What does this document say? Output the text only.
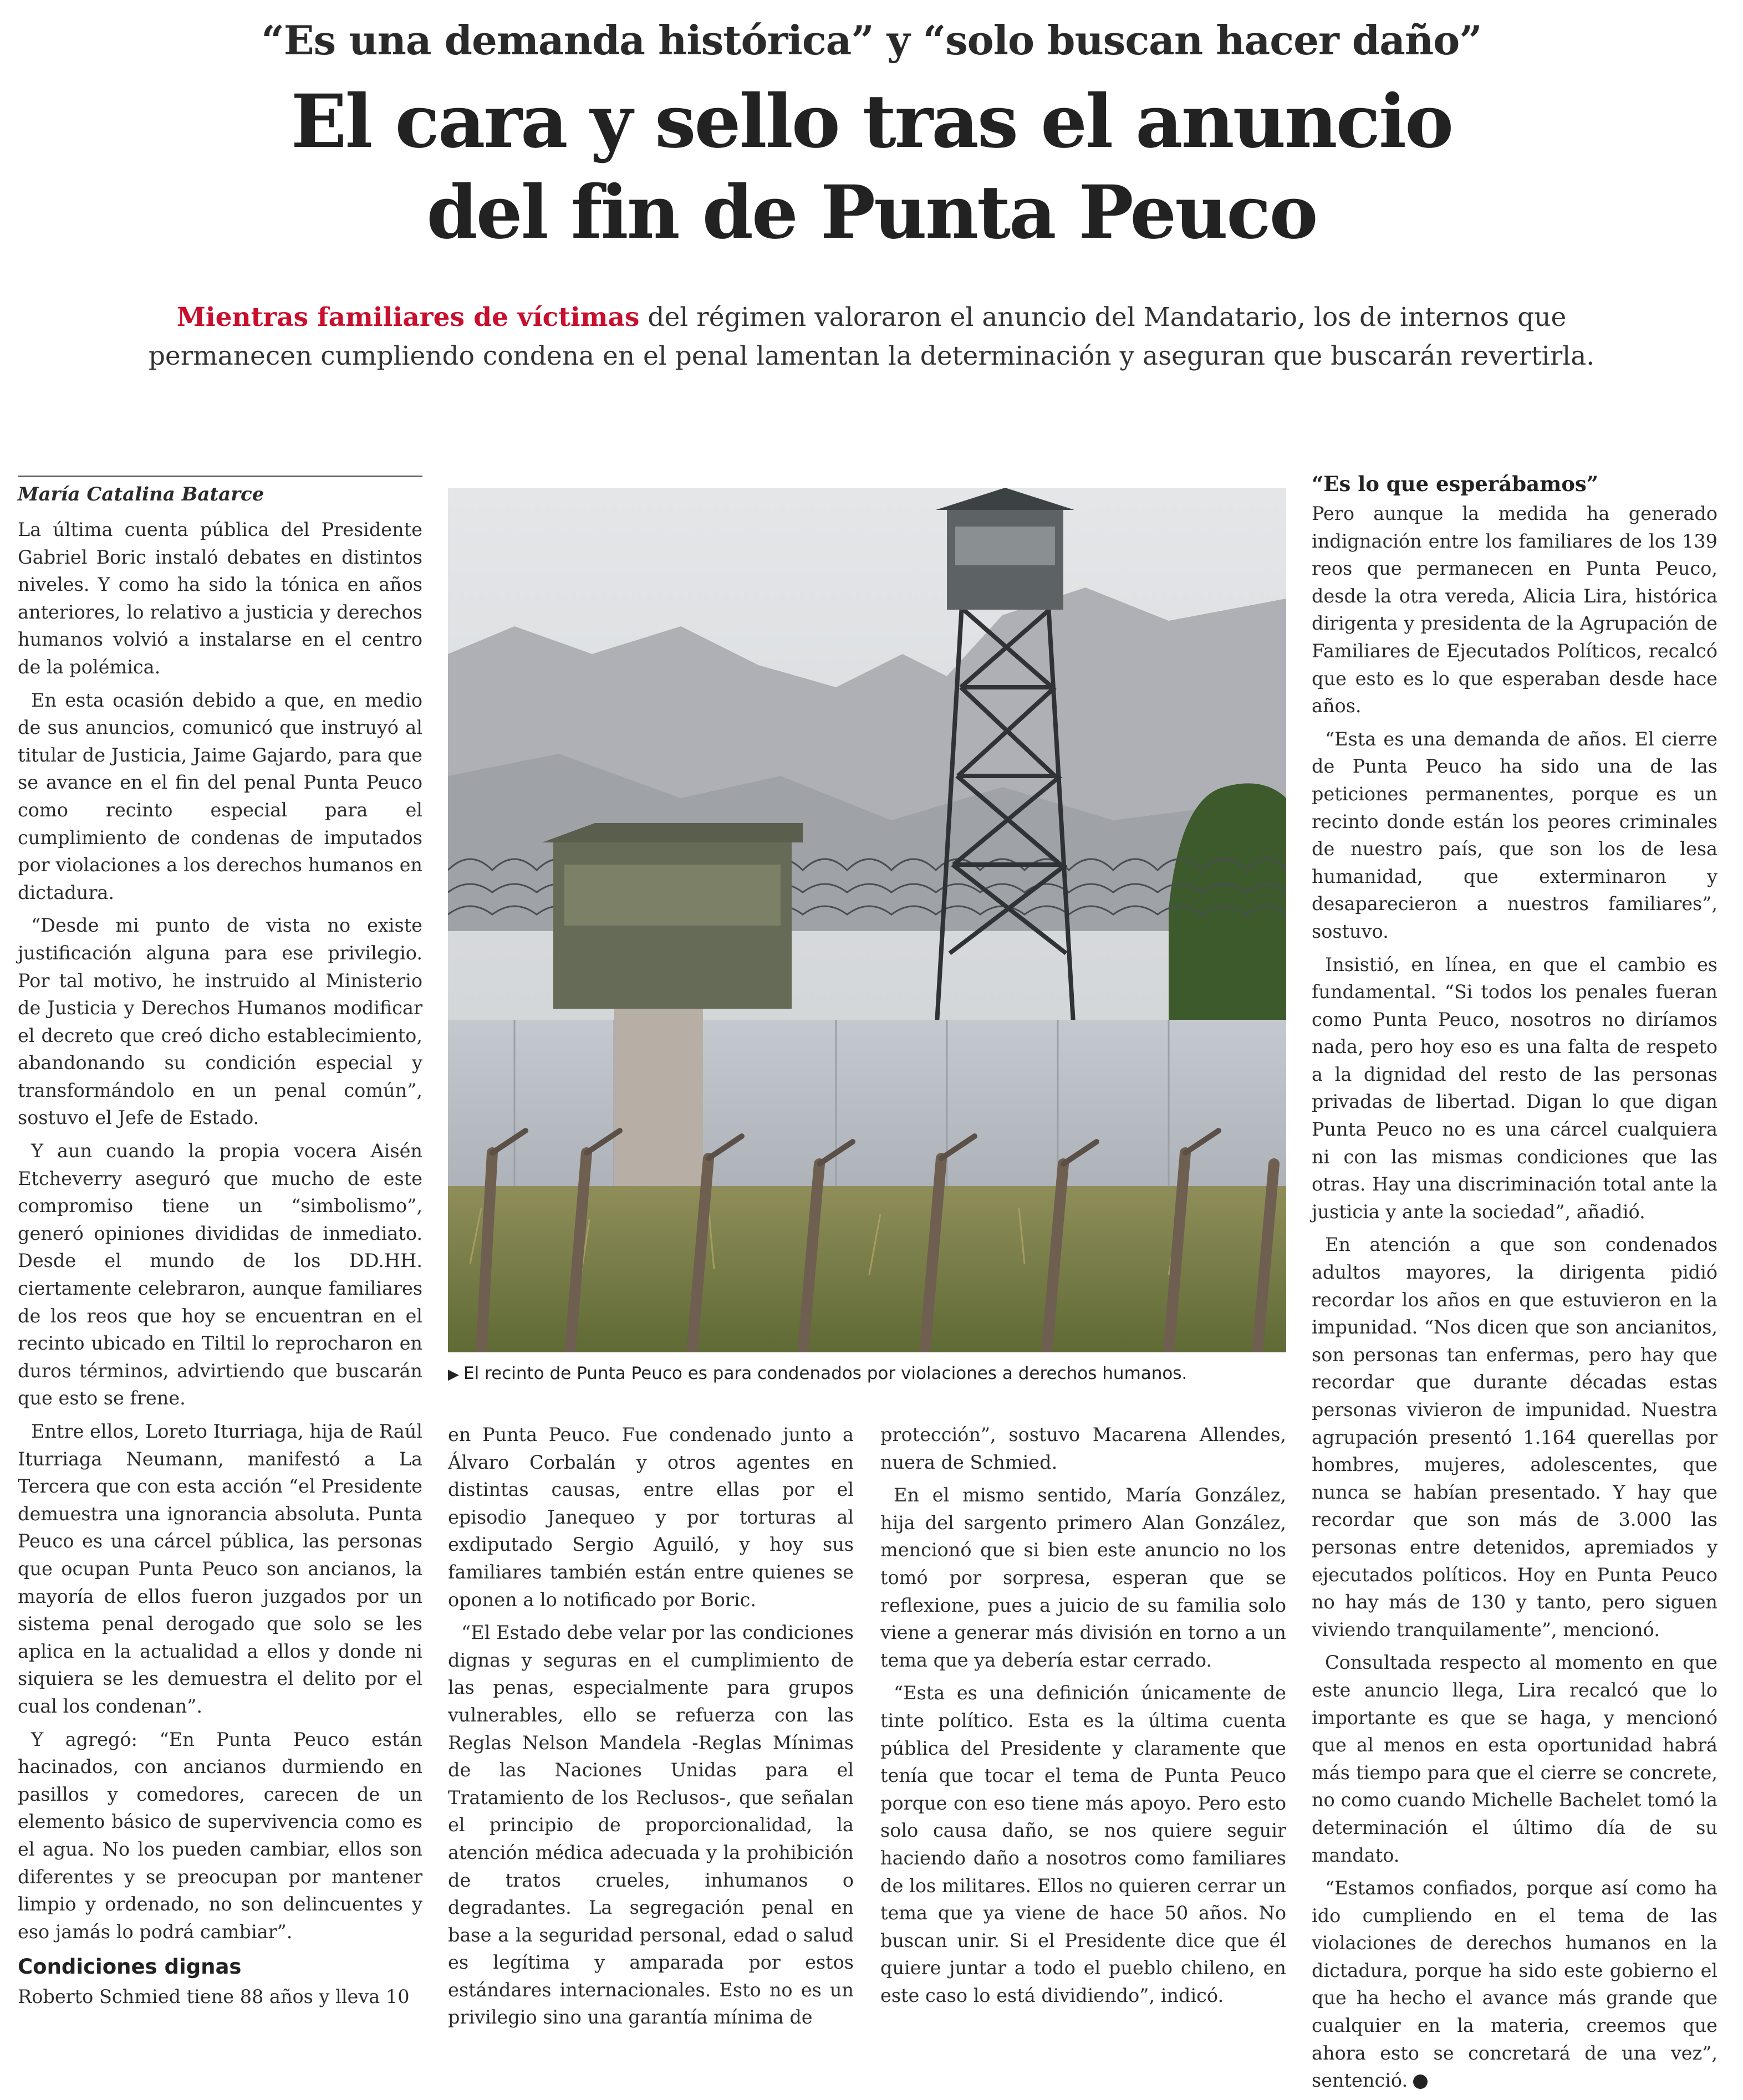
“Es una demanda histórica” y “solo buscan hacer daño”
El cara y sello tras el anuncio
del fin de Punta Peuco
Mientras familiares de víctimas del régimen valoraron el anuncio del Mandatario, los de internos que permanecen cumpliendo condena en el penal lamentan la determinación y aseguran que buscarán revertirla.
María Catalina Batarce

La última cuenta pública del Presidente Gabriel Boric instaló debates en distintos niveles. Y como ha sido la tónica en años anteriores, lo relativo a justicia y derechos humanos volvió a instalarse en el centro de la polémica.

En esta ocasión debido a que, en medio de sus anuncios, comunicó que instruyó al titular de Justicia, Jaime Gajardo, para que se avance en el fin del penal Punta Peuco como recinto especial para el cumplimiento de condenas de imputados por violaciones a los derechos humanos en dictadura.

“Desde mi punto de vista no existe justificación alguna para ese privilegio. Por tal motivo, he instruido al Ministerio de Justicia y Derechos Humanos modificar el decreto que creó dicho establecimiento, abandonando su condición especial y transformándolo en un penal común”, sostuvo el Jefe de Estado.

Y aun cuando la propia vocera Aisén Etcheverry aseguró que mucho de este compromiso tiene un “simbolismo”, generó opiniones divididas de inmediato. Desde el mundo de los DD.HH. ciertamente celebraron, aunque familiares de los reos que hoy se encuentran en el recinto ubicado en Tiltil lo reprocharon en duros términos, advirtiendo que buscarán que esto se frene.

Entre ellos, Loreto Iturriaga, hija de Raúl Iturriaga Neumann, manifestó a La Tercera que con esta acción “el Presidente demuestra una ignorancia absoluta. Punta Peuco es una cárcel pública, las personas que ocupan Punta Peuco son ancianos, la mayoría de ellos fueron juzgados por un sistema penal derogado que solo se les aplica en la actualidad a ellos y donde ni siquiera se les demuestra el delito por el cual los condenan”.

Y agregó: “En Punta Peuco están hacinados, con ancianos durmiendo en pasillos y comedores, carecen de un elemento básico de supervivencia como es el agua. No los pueden cambiar, ellos son diferentes y se preocupan por mantener limpio y ordenado, no son delincuentes y eso jamás lo podrá cambiar”.

Condiciones dignas

Roberto Schmied tiene 88 años y lleva 10

▶ El recinto de Punta Peuco es para condenados por violaciones a derechos humanos.

en Punta Peuco. Fue condenado junto a Álvaro Corbalán y otros agentes en distintas causas, entre ellas por el episodio Janequeo y por torturas al exdiputado Sergio Aguiló, y hoy sus familiares también están entre quienes se oponen a lo notificado por Boric.

“El Estado debe velar por las condiciones dignas y seguras en el cumplimiento de las penas, especialmente para grupos vulnerables, ello se refuerza con las Reglas Nelson Mandela -Reglas Mínimas de las Naciones Unidas para el Tratamiento de los Reclusos-, que señalan el principio de proporcionalidad, la atención médica adecuada y la prohibición de tratos crueles, inhumanos o degradantes. La segregación penal en base a la seguridad personal, edad o salud es legítima y amparada por estos estándares internacionales. Esto no es un privilegio sino una garantía mínima de

protección”, sostuvo Macarena Allendes, nuera de Schmied.

En el mismo sentido, María González, hija del sargento primero Alan González, mencionó que si bien este anuncio no los tomó por sorpresa, esperan que se reflexione, pues a juicio de su familia solo viene a generar más división en torno a un tema que ya debería estar cerrado.

“Esta es una definición únicamente de tinte político. Esta es la última cuenta pública del Presidente y claramente que tenía que tocar el tema de Punta Peuco porque con eso tiene más apoyo. Pero esto solo causa daño, se nos quiere seguir haciendo daño a nosotros como familiares de los militares. Ellos no quieren cerrar un tema que ya viene de hace 50 años. No buscan unir. Si el Presidente dice que él quiere juntar a todo el pueblo chileno, en este caso lo está dividiendo”, indicó.

“Es lo que esperábamos”

Pero aunque la medida ha generado indignación entre los familiares de los 139 reos que permanecen en Punta Peuco, desde la otra vereda, Alicia Lira, histórica dirigenta y presidenta de la Agrupación de Familiares de Ejecutados Políticos, recalcó que esto es lo que esperaban desde hace años.

“Esta es una demanda de años. El cierre de Punta Peuco ha sido una de las peticiones permanentes, porque es un recinto donde están los peores criminales de nuestro país, que son los de lesa humanidad, que exterminaron y desaparecieron a nuestros familiares”, sostuvo.

Insistió, en línea, en que el cambio es fundamental. “Si todos los penales fueran como Punta Peuco, nosotros no diríamos nada, pero hoy eso es una falta de respeto a la dignidad del resto de las personas privadas de libertad. Digan lo que digan Punta Peuco no es una cárcel cualquiera ni con las mismas condiciones que las otras. Hay una discriminación total ante la justicia y ante la sociedad”, añadió.

En atención a que son condenados adultos mayores, la dirigenta pidió recordar los años en que estuvieron en la impunidad. “Nos dicen que son ancianitos, son personas tan enfermas, pero hay que recordar que durante décadas estas personas vivieron de impunidad. Nuestra agrupación presentó 1.164 querellas por hombres, mujeres, adolescentes, que nunca se habían presentado. Y hay que recordar que son más de 3.000 las personas entre detenidos, apremiados y ejecutados políticos. Hoy en Punta Peuco no hay más de 130 y tanto, pero siguen viviendo tranquilamente”, mencionó.

Consultada respecto al momento en que este anuncio llega, Lira recalcó que lo importante es que se haga, y mencionó que al menos en esta oportunidad habrá más tiempo para que el cierre se concrete, no como cuando Michelle Bachelet tomó la determinación el último día de su mandato.

“Estamos confiados, porque así como ha ido cumpliendo en el tema de las violaciones de derechos humanos en la dictadura, porque ha sido este gobierno el que ha hecho el avance más grande que cualquier en la materia, creemos que ahora esto se concretará de una vez”, sentenció.
